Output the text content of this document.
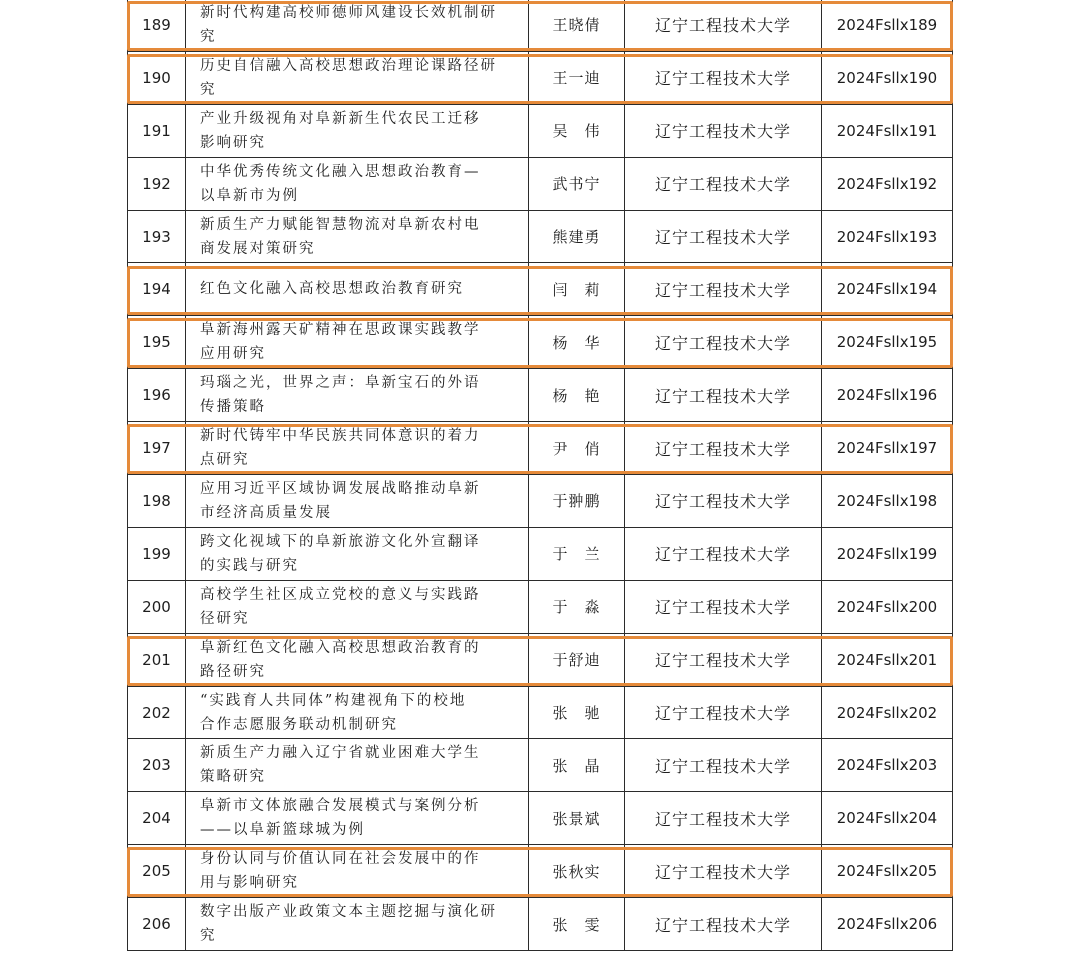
189	新时代构建高校师德师风建设长效机制研
究	王晓倩	辽宁工程技术大学	2024Fsllx189
190	历史自信融入高校思想政治理论课路径研
究	王一迪	辽宁工程技术大学	2024Fsllx190
191	产业升级视角对阜新新生代农民工迁移
影响研究	吴　伟	辽宁工程技术大学	2024Fsllx191
192	中华优秀传统文化融入思想政治教育—
以阜新市为例	武书宁	辽宁工程技术大学	2024Fsllx192
193	新质生产力赋能智慧物流对阜新农村电
商发展对策研究	熊建勇	辽宁工程技术大学	2024Fsllx193
194	红色文化融入高校思想政治教育研究	闫　莉	辽宁工程技术大学	2024Fsllx194
195	阜新海州露天矿精神在思政课实践教学
应用研究	杨　华	辽宁工程技术大学	2024Fsllx195
196	玛瑙之光，世界之声：阜新宝石的外语
传播策略	杨　艳	辽宁工程技术大学	2024Fsllx196
197	新时代铸牢中华民族共同体意识的着力
点研究	尹　俏	辽宁工程技术大学	2024Fsllx197
198	应用习近平区域协调发展战略推动阜新
市经济高质量发展	于翀鹏	辽宁工程技术大学	2024Fsllx198
199	跨文化视域下的阜新旅游文化外宣翻译
的实践与研究	于　兰	辽宁工程技术大学	2024Fsllx199
200	高校学生社区成立党校的意义与实践路
径研究	于　淼	辽宁工程技术大学	2024Fsllx200
201	阜新红色文化融入高校思想政治教育的
路径研究	于舒迪	辽宁工程技术大学	2024Fsllx201
202	“实践育人共同体”构建视角下的校地
合作志愿服务联动机制研究	张　驰	辽宁工程技术大学	2024Fsllx202
203	新质生产力融入辽宁省就业困难大学生
策略研究	张　晶	辽宁工程技术大学	2024Fsllx203
204	阜新市文体旅融合发展模式与案例分析
——以阜新篮球城为例	张景斌	辽宁工程技术大学	2024Fsllx204
205	身份认同与价值认同在社会发展中的作
用与影响研究	张秋实	辽宁工程技术大学	2024Fsllx205
206	数字出版产业政策文本主题挖掘与演化研
究	张　雯	辽宁工程技术大学	2024Fsllx206
